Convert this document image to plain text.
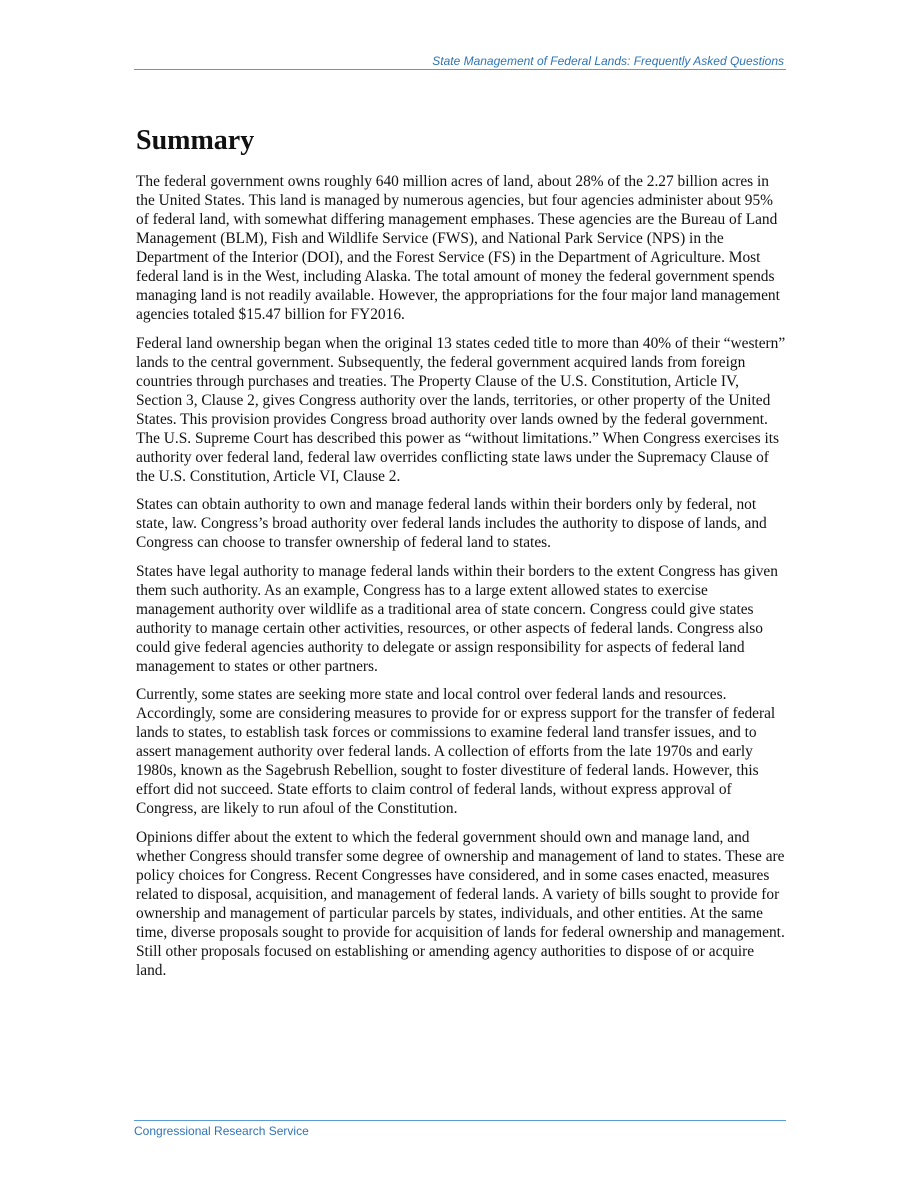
State Management of Federal Lands: Frequently Asked Questions
Summary

The federal government owns roughly 640 million acres of land, about 28% of the 2.27 billion acres in the United States. This land is managed by numerous agencies, but four agencies administer about 95% of federal land, with somewhat differing management emphases. These agencies are the Bureau of Land Management (BLM), Fish and Wildlife Service (FWS), and National Park Service (NPS) in the Department of the Interior (DOI), and the Forest Service (FS) in the Department of Agriculture. Most federal land is in the West, including Alaska. The total amount of money the federal government spends managing land is not readily available. However, the appropriations for the four major land management agencies totaled $15.47 billion for FY2016.

Federal land ownership began when the original 13 states ceded title to more than 40% of their “western” lands to the central government. Subsequently, the federal government acquired lands from foreign countries through purchases and treaties. The Property Clause of the U.S. Constitution, Article IV, Section 3, Clause 2, gives Congress authority over the lands, territories, or other property of the United States. This provision provides Congress broad authority over lands owned by the federal government. The U.S. Supreme Court has described this power as “without limitations.” When Congress exercises its authority over federal land, federal law overrides conflicting state laws under the Supremacy Clause of the U.S. Constitution, Article VI, Clause 2.

States can obtain authority to own and manage federal lands within their borders only by federal, not state, law. Congress’s broad authority over federal lands includes the authority to dispose of lands, and Congress can choose to transfer ownership of federal land to states.

States have legal authority to manage federal lands within their borders to the extent Congress has given them such authority. As an example, Congress has to a large extent allowed states to exercise management authority over wildlife as a traditional area of state concern. Congress could give states authority to manage certain other activities, resources, or other aspects of federal lands. Congress also could give federal agencies authority to delegate or assign responsibility for aspects of federal land management to states or other partners.

Currently, some states are seeking more state and local control over federal lands and resources. Accordingly, some are considering measures to provide for or express support for the transfer of federal lands to states, to establish task forces or commissions to examine federal land transfer issues, and to assert management authority over federal lands. A collection of efforts from the late 1970s and early 1980s, known as the Sagebrush Rebellion, sought to foster divestiture of federal lands. However, this effort did not succeed. State efforts to claim control of federal lands, without express approval of Congress, are likely to run afoul of the Constitution.

Opinions differ about the extent to which the federal government should own and manage land, and whether Congress should transfer some degree of ownership and management of land to states. These are policy choices for Congress. Recent Congresses have considered, and in some cases enacted, measures related to disposal, acquisition, and management of federal lands. A variety of bills sought to provide for ownership and management of particular parcels by states, individuals, and other entities. At the same time, diverse proposals sought to provide for acquisition of lands for federal ownership and management. Still other proposals focused on establishing or amending agency authorities to dispose of or acquire land.

Congressional Research Service
